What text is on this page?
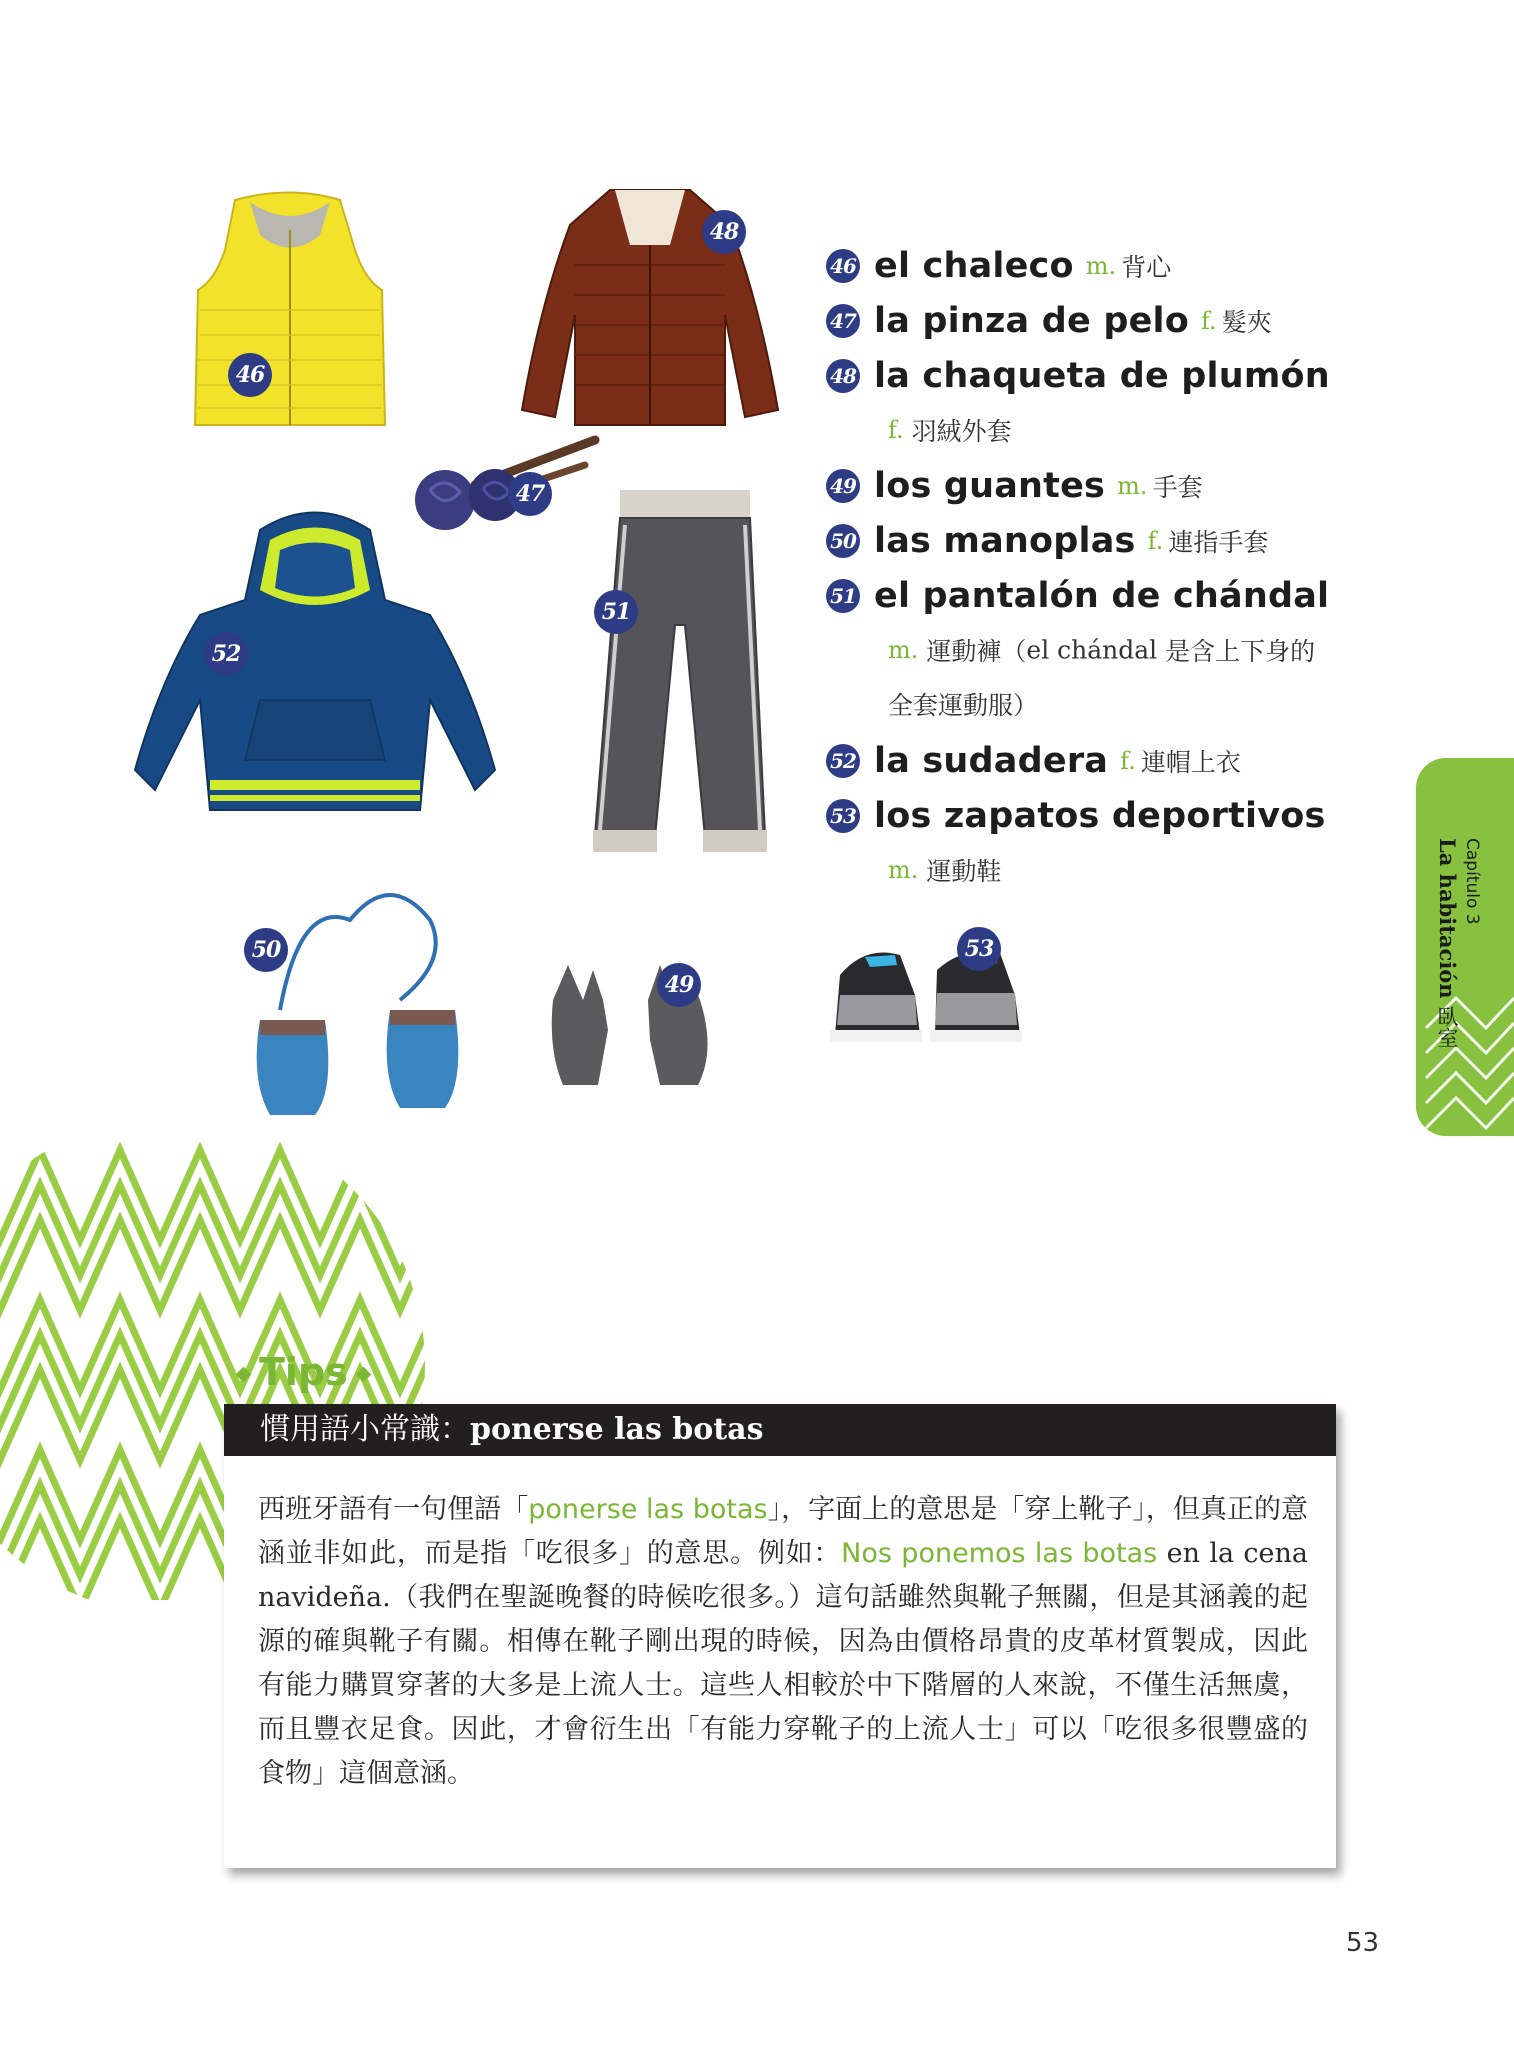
46
48
47
52
51
50
49
53
46 el chaleco m. 背心
47 la pinza de pelo f. 髮夾
48 la chaqueta de plumón
f. 羽絨外套
49 los guantes m. 手套
50 las manoplas f. 連指手套
51 el pantalón de chándal
m. 運動褲（el chándal 是含上下身的
全套運動服）
52 la sudadera f. 連帽上衣
53 los zapatos deportivos
m. 運動鞋	Capítulo 3
La habitación 臥室
Tips
慣用語小常識：ponerse las botas
西班牙語有一句俚語「ponerse las botas」，字面上的意思是「穿上靴子」，但真正的意涵並非如此，而是指「吃很多」的意思。例如：Nos ponemos las botas en la cena navideña.（我們在聖誕晚餐的時候吃很多。）這句話雖然與靴子無關，但是其涵義的起源的確與靴子有關。相傳在靴子剛出現的時候，因為由價格昂貴的皮革材質製成，因此有能力購買穿著的大多是上流人士。這些人相較於中下階層的人來說，不僅生活無虞，而且豐衣足食。因此，才會衍生出「有能力穿靴子的上流人士」可以「吃很多很豐盛的食物」這個意涵。
53
